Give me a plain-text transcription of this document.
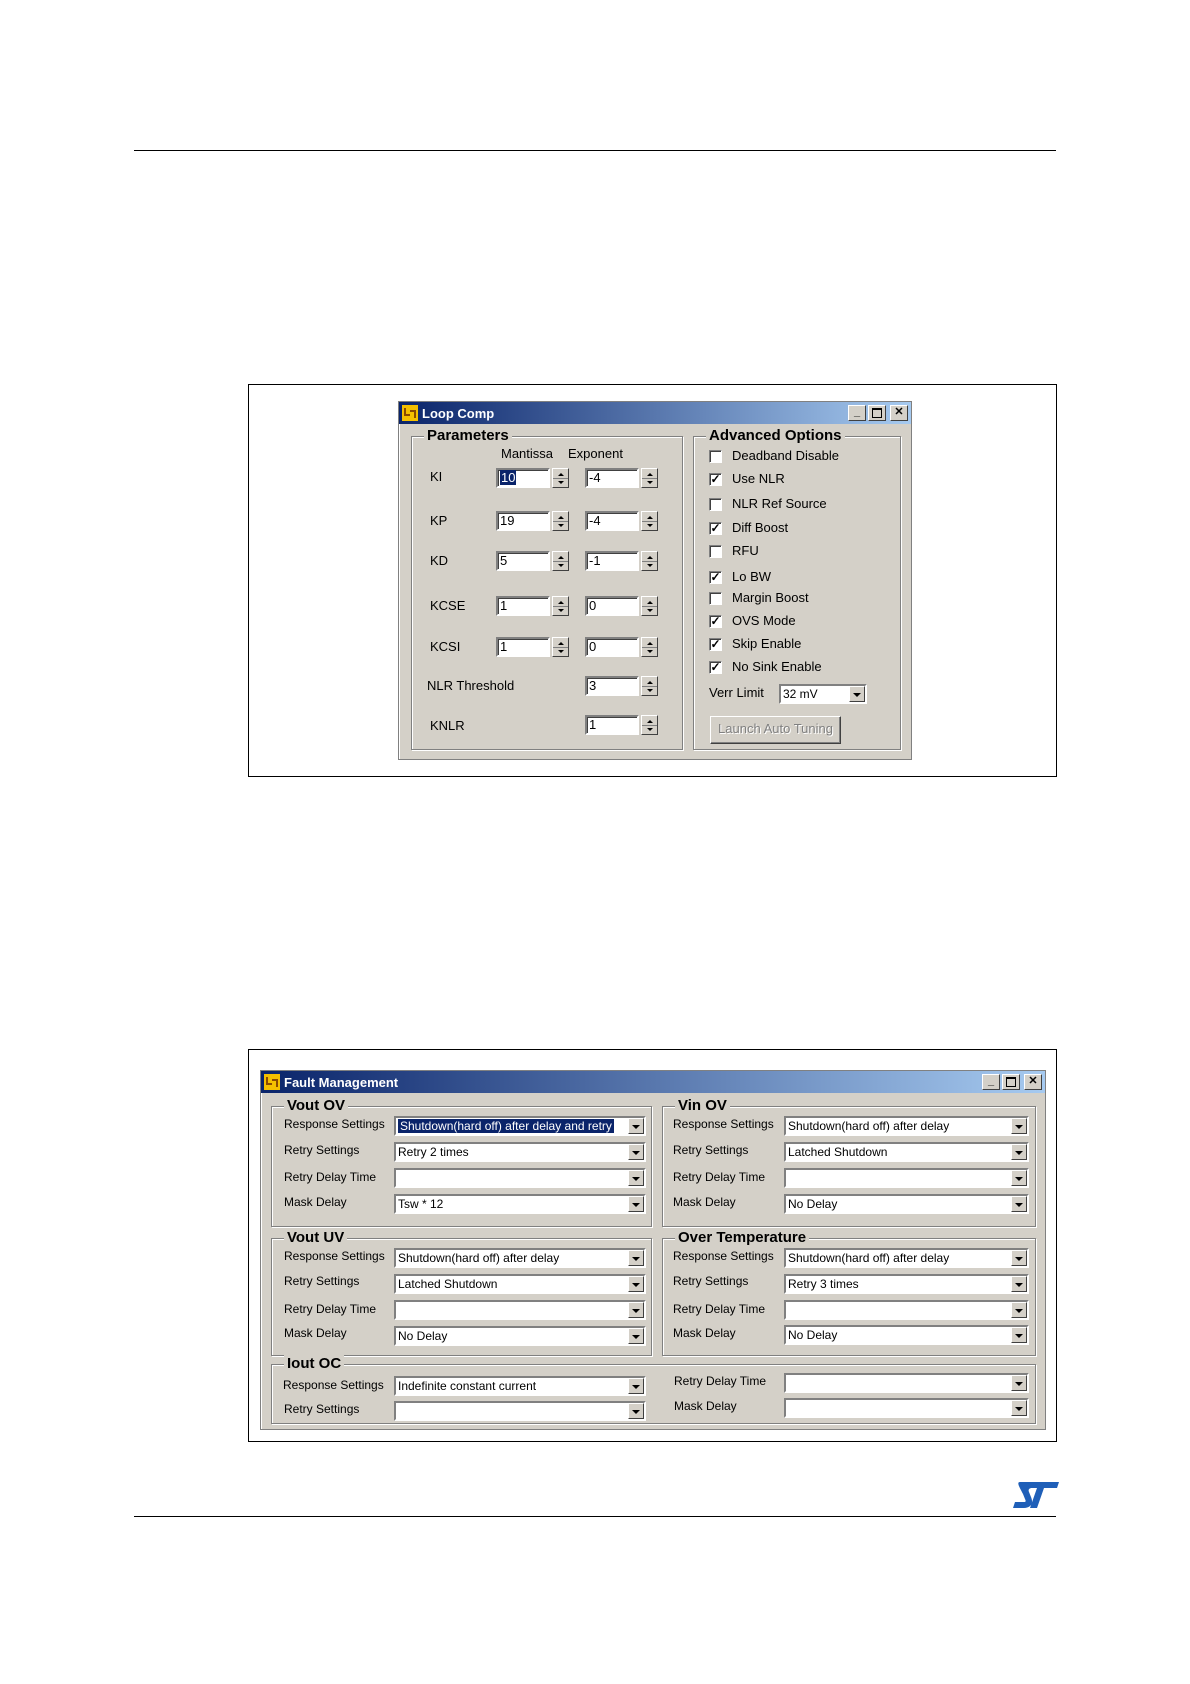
Loop Comp	_	✕
Parameters
Mantissa Exponent
KI	10	-4
KP	19	-4
KD	5	-1
KCSE	1	0
KCSI	1	0
NLR Threshold	3
KNLR	1
Advanced Options
Deadband Disable
✓ Use NLR
NLR Ref Source
✓ Diff Boost
RFU
✓ Lo BW
Margin Boost
✓ OVS Mode
✓ Skip Enable
✓ No Sink Enable
Verr Limit	32 mV
Launch Auto Tuning
Fault Management	_	✕
Vout OV
Response Settings	Shutdown(hard off) after delay and retry
Retry Settings	Retry 2 times
Retry Delay Time
Mask Delay	Tsw * 12
Vin OV
Response Settings	Shutdown(hard off) after delay
Retry Settings	Latched Shutdown
Retry Delay Time
Mask Delay	No Delay
Vout UV
Response Settings	Shutdown(hard off) after delay
Retry Settings	Latched Shutdown
Retry Delay Time
Mask Delay	No Delay
Over Temperature
Response Settings	Shutdown(hard off) after delay
Retry Settings	Retry 3 times
Retry Delay Time
Mask Delay	No Delay
Iout OC
Response Settings	Indefinite constant current
Retry Settings
Retry Delay Time
Mask Delay
